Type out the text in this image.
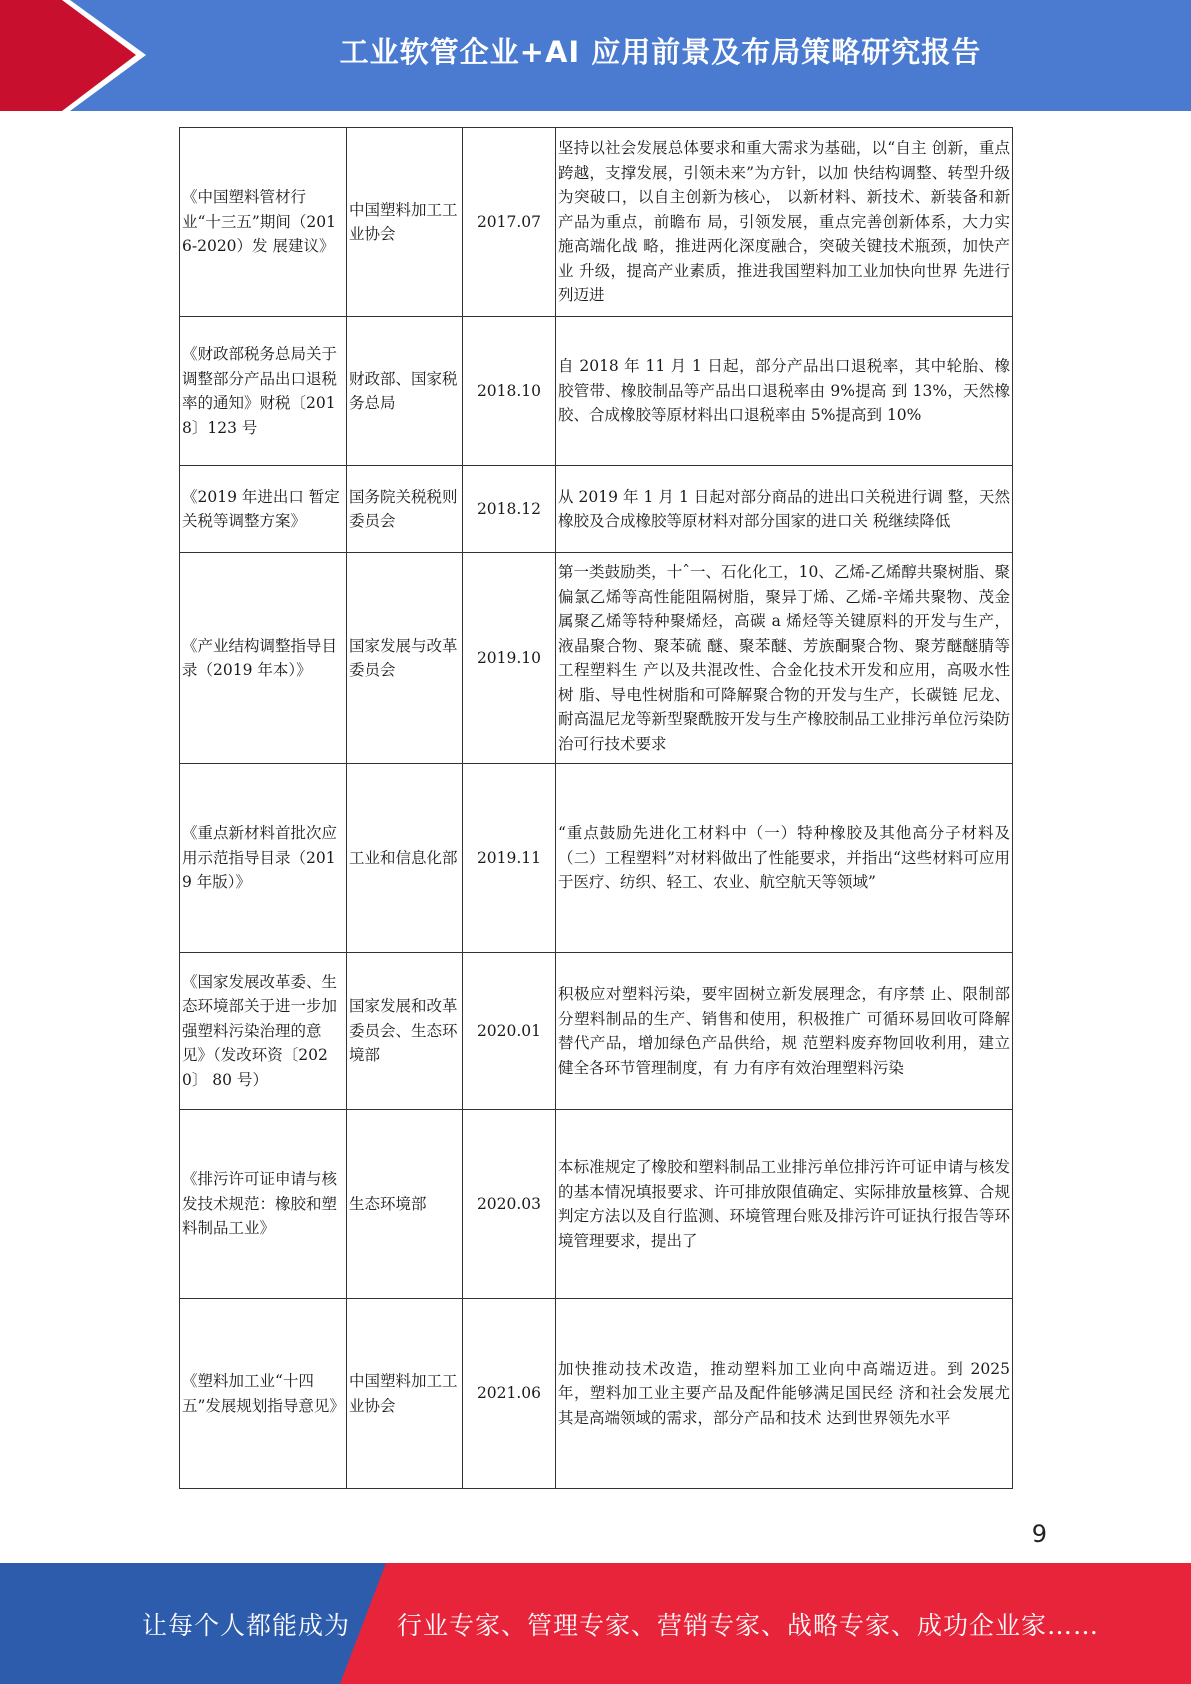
工业软管企业+AI 应用前景及布局策略研究报告
《中国塑料管材行业“十三五”期间（2016-2020）发 展建议》	中国塑料加工工业协会	2017.07	坚持以社会发展总体要求和重大需求为基础，以“自主 创新，重点跨越，支撑发展，引领未来”为方针，以加 快结构调整、转型升级为突破口，以自主创新为核心， 以新材料、新技术、新装备和新产品为重点，前瞻布 局，引领发展，重点完善创新体系，大力实施高端化战 略，推进两化深度融合，突破关键技术瓶颈，加快产业 升级，提高产业素质，推进我国塑料加工业加快向世界 先进行列迈进
《财政部税务总局关于调整部分产品出口退税率的通知》财税〔2018〕123 号	财政部、国家税务总局	2018.10	自 2018 年 11 月 1 日起，部分产品出口退税率，其中轮胎、橡胶管带、橡胶制品等产品出口退税率由 9%提高 到 13%，天然橡胶、合成橡胶等原材料出口退税率由 5%提高到 10%
《2019 年进出口 暂定关税等调整方案》	国务院关税税则委员会	2018.12	从 2019 年 1 月 1 日起对部分商品的进出口关税进行调 整，天然橡胶及合成橡胶等原材料对部分国家的进口关 税继续降低
《产业结构调整指导目录（2019 年本）》	国家发展与改革委员会	2019.10	第一类鼓励类，十ˆ一、石化化工，10、乙烯-乙烯醇共聚树脂、聚偏氯乙烯等高性能阻隔树脂，聚异丁烯、乙烯-辛烯共聚物、茂金属聚乙烯等特种聚烯烃，高碳 a 烯烃等关键原料的开发与生产，液晶聚合物、聚苯硫 醚、聚苯醚、芳族酮聚合物、聚芳醚醚腈等工程塑料生 产以及共混改性、合金化技术开发和应用，高吸水性树 脂、导电性树脂和可降解聚合物的开发与生产，长碳链 尼龙、耐高温尼龙等新型聚酰胺开发与生产橡胶制品工业排污单位污染防治可行技术要求
《重点新材料首批次应用示范指导目录（2019 年版）》	工业和信息化部	2019.11	“重点鼓励先进化工材料中（一）特种橡胶及其他高分子材料及（二）工程塑料”对材料做出了性能要求，并指出“这些材料可应用于医疗、纺织、轻工、农业、航空航天等领域”
《国家发展改革委、生态环境部关于进一步加强塑料污染治理的意见》（发改环资〔2020〕 80 号）	国家发展和改革委员会、生态环境部	2020.01	积极应对塑料污染，要牢固树立新发展理念，有序禁 止、限制部分塑料制品的生产、销售和使用，积极推广 可循环易回收可降解替代产品，增加绿色产品供给，规 范塑料废弃物回收利用，建立健全各环节管理制度，有 力有序有效治理塑料污染
《排污许可证申请与核发技术规范：橡胶和塑料制品工业》	生态环境部	2020.03	本标准规定了橡胶和塑料制品工业排污单位排污许可证申请与核发的基本情况填报要求、许可排放限值确定、实际排放量核算、合规判定方法以及自行监测、环境管理台账及排污许可证执行报告等环境管理要求，提出了
《塑料加工业“十四五”发展规划指导意见》	中国塑料加工工业协会	2021.06	加快推动技术改造，推动塑料加工业向中高端迈进。到 2025 年，塑料加工业主要产品及配件能够满足国民经 济和社会发展尤其是高端领域的需求，部分产品和技术 达到世界领先水平
9
让每个人都能成为 行业专家、管理专家、营销专家、战略专家、成功企业家……
